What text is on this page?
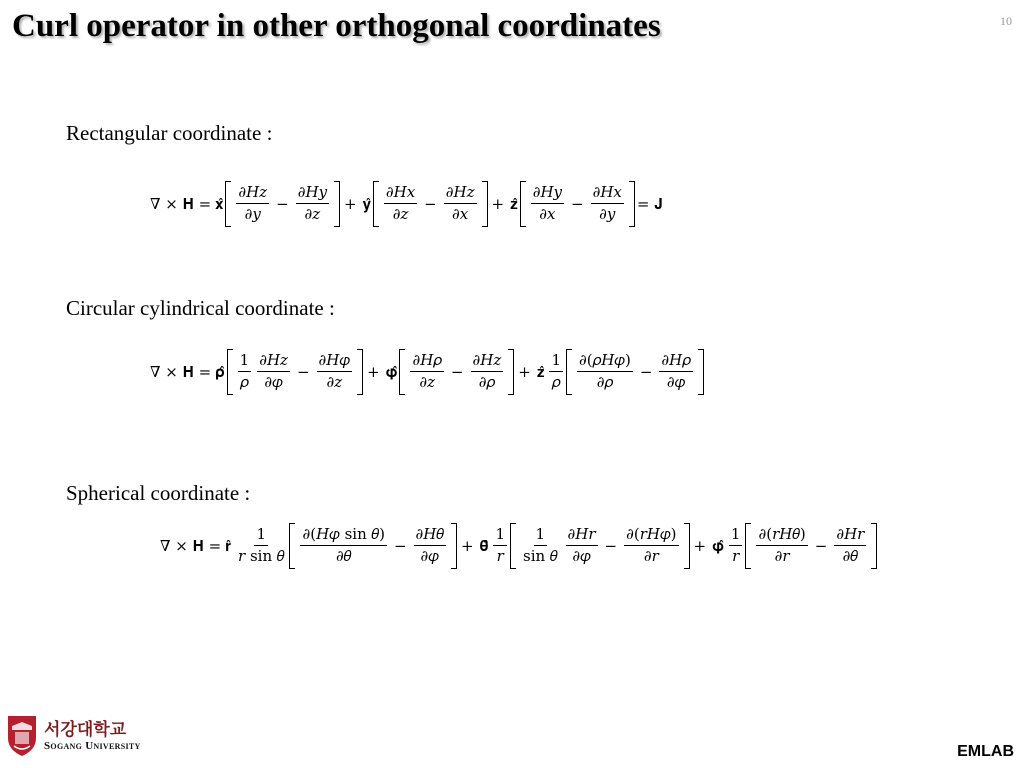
Curl operator in other orthogonal coordinates	10
Rectangular coordinate :
∇ × 𝐇 = 𝐱̂ $\frac{\text{∂𝐻𝑧}}{\text{∂𝑦}} - \frac{\text{∂𝐻𝑦}}{\text{∂𝑧}}$ + 𝐲̂ $\frac{\text{∂𝐻𝑥}}{\text{∂𝑧}} - \frac{\text{∂𝐻𝑧}}{\text{∂𝑥}}$ + 𝐳̂ $\frac{\text{∂𝐻𝑦}}{\text{∂𝑥}} - \frac{\text{∂𝐻𝑥}}{\text{∂𝑦}}$ = 𝐉
Circular cylindrical coordinate :
∇ × 𝐇 = 𝛒̂ $\frac{1}{\text{𝜌}} \frac{\text{∂𝐻𝑧}}{\text{∂𝜑}} - \frac{\text{∂𝐻𝜑}}{\text{∂𝑧}}$ + 𝛗̂ $\frac{\text{∂𝐻𝜌}}{\text{∂𝑧}} - \frac{\text{∂𝐻𝑧}}{\text{∂𝜌}}$ + 𝐳̂ $\frac{1}{\text{𝜌}} \frac{\text{∂(𝜌𝐻𝜑)}}{\text{∂𝜌}} - \frac{\text{∂𝐻𝜌}}{\text{∂𝜑}}$
Spherical coordinate :
∇ × 𝐇 = 𝐫̂ $\frac{1}{\text{𝑟 sin 𝜃}} \frac{\text{∂(𝐻𝜑 sin 𝜃)}}{\text{∂𝜃}} - \frac{\text{∂𝐻𝜃}}{\text{∂𝜑}}$ + 𝛉̂ $\frac{1}{\text{𝑟}} \frac{1}{\text{sin 𝜃}} \frac{\text{∂𝐻𝑟}}{\text{∂𝜑}} - \frac{\text{∂(𝑟𝐻𝜑)}}{\text{∂𝑟}}$ + 𝛗̂ $\frac{1}{\text{𝑟}} \frac{\text{∂(𝑟𝐻𝜃)}}{\text{∂𝑟}} - \frac{\text{∂𝐻𝑟}}{\text{∂𝜃}}$
서강대학교
Sogang University	EMLAB
